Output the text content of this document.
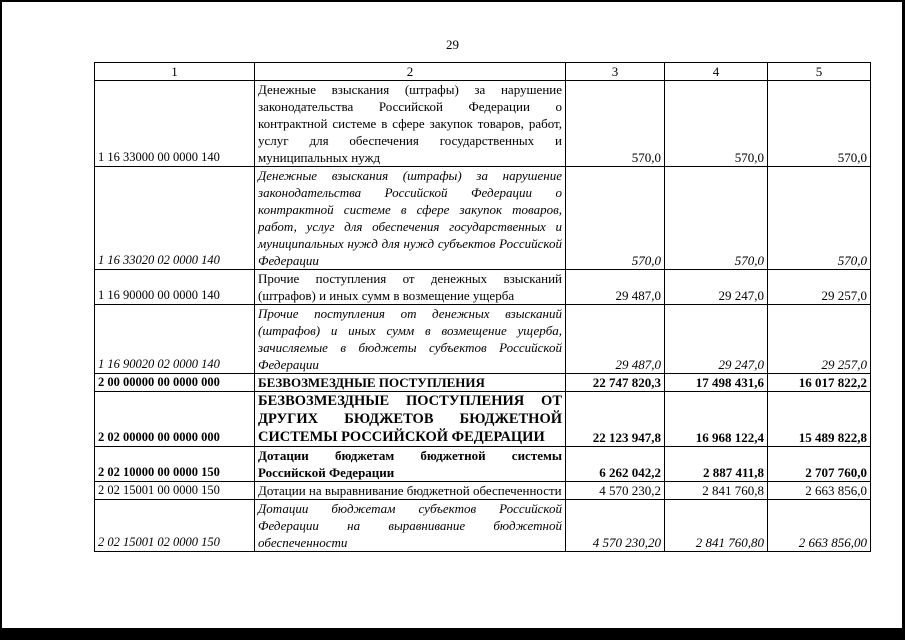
29
1	2	3	4	5
1 16 33000 00 0000 140	Денежные взыскания (штрафы) за нарушение законодательства Российской Федерации о контрактной системе в сфере закупок товаров, работ, услуг для обеспечения государственных и муниципальных нужд	570,0	570,0	570,0
1 16 33020 02 0000 140	Денежные взыскания (штрафы) за нарушение законодательства Российской Федерации о контрактной системе в сфере закупок товаров, работ, услуг для обеспечения государственных и муниципальных нужд для нужд субъектов Российской Федерации	570,0	570,0	570,0
1 16 90000 00 0000 140	Прочие поступления от денежных взысканий (штрафов) и иных сумм в возмещение ущерба	29 487,0	29 247,0	29 257,0
1 16 90020 02 0000 140	Прочие поступления от денежных взысканий (штрафов) и иных сумм в возмещение ущерба, зачисляемые в бюджеты субъектов Российской Федерации	29 487,0	29 247,0	29 257,0
2 00 00000 00 0000 000	БЕЗВОЗМЕЗДНЫЕ ПОСТУПЛЕНИЯ	22 747 820,3	17 498 431,6	16 017 822,2
2 02 00000 00 0000 000	БЕЗВОЗМЕЗДНЫЕ ПОСТУПЛЕНИЯ ОТ ДРУГИХ БЮДЖЕТОВ БЮДЖЕТНОЙ СИСТЕМЫ РОССИЙСКОЙ ФЕДЕРАЦИИ	22 123 947,8	16 968 122,4	15 489 822,8
2 02 10000 00 0000 150	Дотации бюджетам бюджетной системы Российской Федерации	6 262 042,2	2 887 411,8	2 707 760,0
2 02 15001 00 0000 150	Дотации на выравнивание бюджетной обеспеченности	4 570 230,2	2 841 760,8	2 663 856,0
2 02 15001 02 0000 150	Дотации бюджетам субъектов Российской Федерации на выравнивание бюджетной обеспеченности	4 570 230,20	2 841 760,80	2 663 856,00
